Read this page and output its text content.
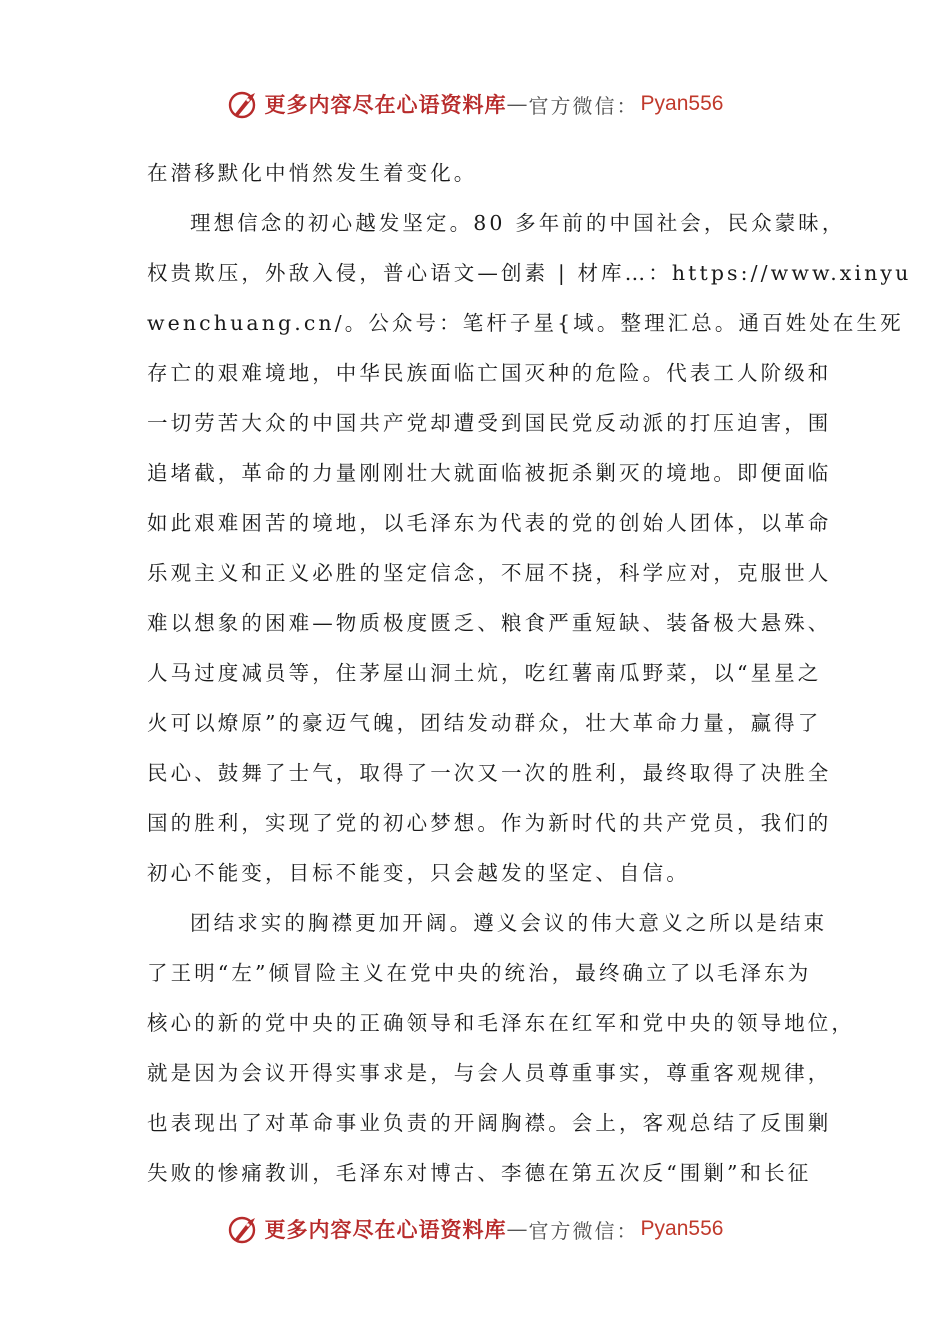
更多内容尽在心语资料库 — 官方微信： Pyan556
在潜移默化中悄然发生着变化。
理想信念的初心越发坚定。80 多年前的中国社会，民众蒙昧，
权贵欺压，外敌入侵，普心语文—创素 | 材库…：https://www.xinyu
wenchuang.cn/。公众号：笔杆子星{域。整理汇总。通百姓处在生死
存亡的艰难境地，中华民族面临亡国灭种的危险。代表工人阶级和
一切劳苦大众的中国共产党却遭受到国民党反动派的打压迫害，围
追堵截，革命的力量刚刚壮大就面临被扼杀剿灭的境地。即便面临
如此艰难困苦的境地，以毛泽东为代表的党的创始人团体，以革命
乐观主义和正义必胜的坚定信念，不屈不挠，科学应对，克服世人
难以想象的困难—物质极度匮乏、粮食严重短缺、装备极大悬殊、
人马过度减员等，住茅屋山洞土炕，吃红薯南瓜野菜，以“星星之
火可以燎原”的豪迈气魄，团结发动群众，壮大革命力量，赢得了
民心、鼓舞了士气，取得了一次又一次的胜利，最终取得了决胜全
国的胜利，实现了党的初心梦想。作为新时代的共产党员，我们的
初心不能变，目标不能变，只会越发的坚定、自信。
团结求实的胸襟更加开阔。遵义会议的伟大意义之所以是结束
了王明“左”倾冒险主义在党中央的统治，最终确立了以毛泽东为
核心的新的党中央的正确领导和毛泽东在红军和党中央的领导地位，
就是因为会议开得实事求是，与会人员尊重事实，尊重客观规律，
也表现出了对革命事业负责的开阔胸襟。会上，客观总结了反围剿
失败的惨痛教训，毛泽东对博古、李德在第五次反“围剿”和长征
更多内容尽在心语资料库 — 官方微信： Pyan556
